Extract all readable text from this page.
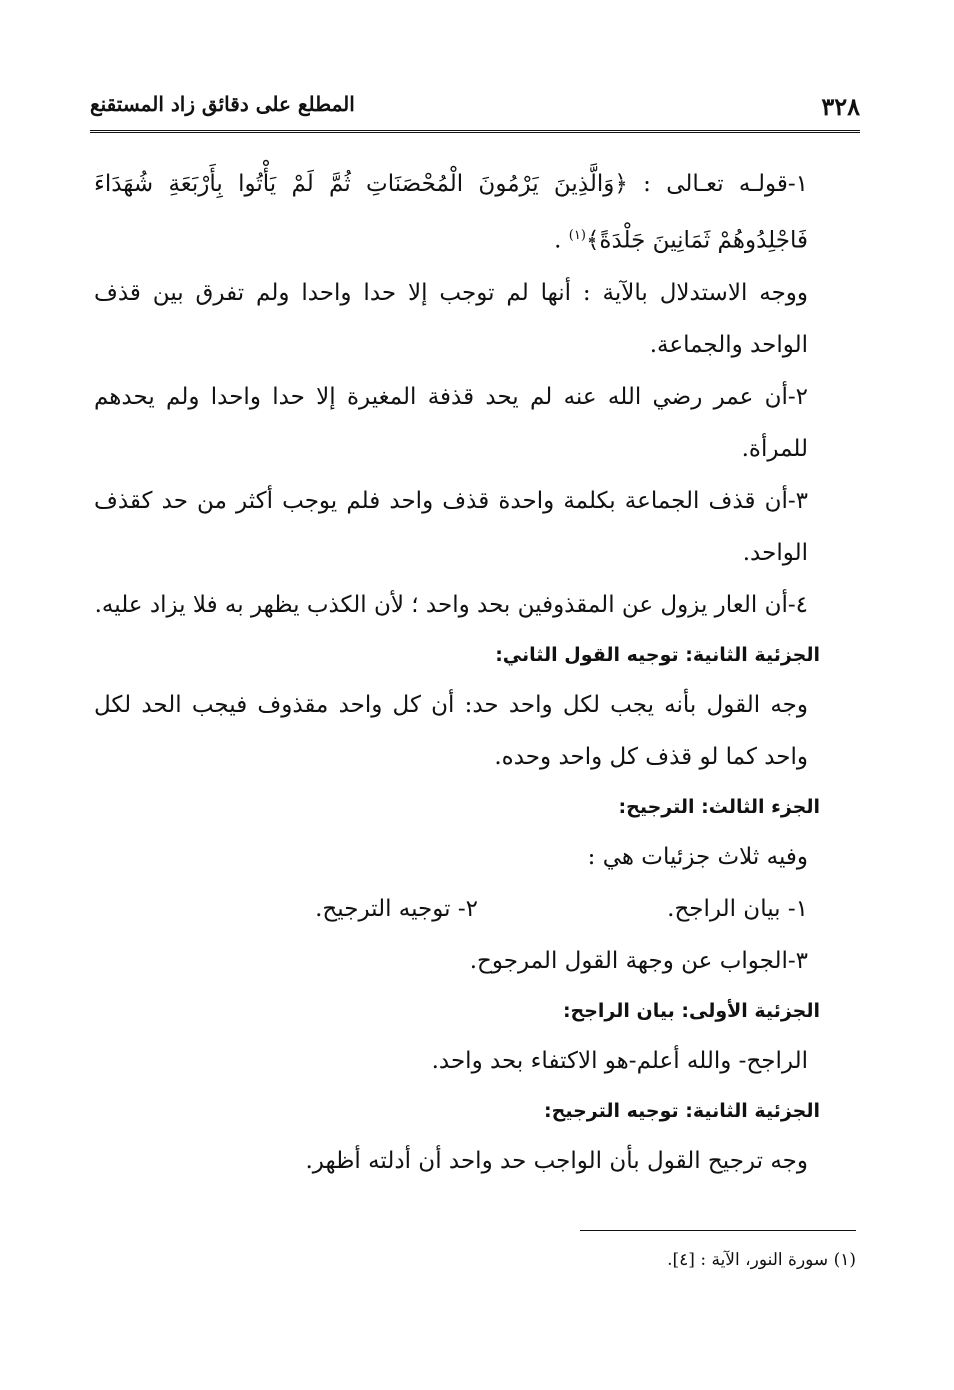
٣٢٨
المطلع على دقائق زاد المستقنع

١-قولـه تعـالى : ﴿وَالَّذِينَ يَرْمُونَ الْمُحْصَنَاتِ ثُمَّ لَمْ يَأْتُوا بِأَرْبَعَةِ شُهَدَاءَ فَاجْلِدُوهُمْ ثَمَانِينَ جَلْدَةً﴾$^{(١)}$ .

ووجه الاستدلال بالآية : أنها لم توجب إلا حدا واحدا ولم تفرق بين قذف الواحد والجماعة.

٢-أن عمر رضي الله عنه لم يحد قذفة المغيرة إلا حدا واحدا ولم يحدهم للمرأة.

٣-أن قذف الجماعة بكلمة واحدة قذف واحد فلم يوجب أكثر من حد كقذف الواحد.

٤-أن العار يزول عن المقذوفين بحد واحد ؛ لأن الكذب يظهر به فلا يزاد عليه.

الجزئية الثانية: توجيه القول الثاني:

وجه القول بأنه يجب لكل واحد حد: أن كل واحد مقذوف فيجب الحد لكل واحد كما لو قذف كل واحد وحده.

الجزء الثالث: الترجيح:

وفيه ثلاث جزئيات هي :

١- بيان الراجح.
٢- توجيه الترجيح.

٣-الجواب عن وجهة القول المرجوح.

الجزئية الأولى: بيان الراجح:

الراجح- والله أعلم-هو الاكتفاء بحد واحد.

الجزئية الثانية: توجيه الترجيح:

وجه ترجيح القول بأن الواجب حد واحد أن أدلته أظهر.

(١) سورة النور، الآية : [٤].
